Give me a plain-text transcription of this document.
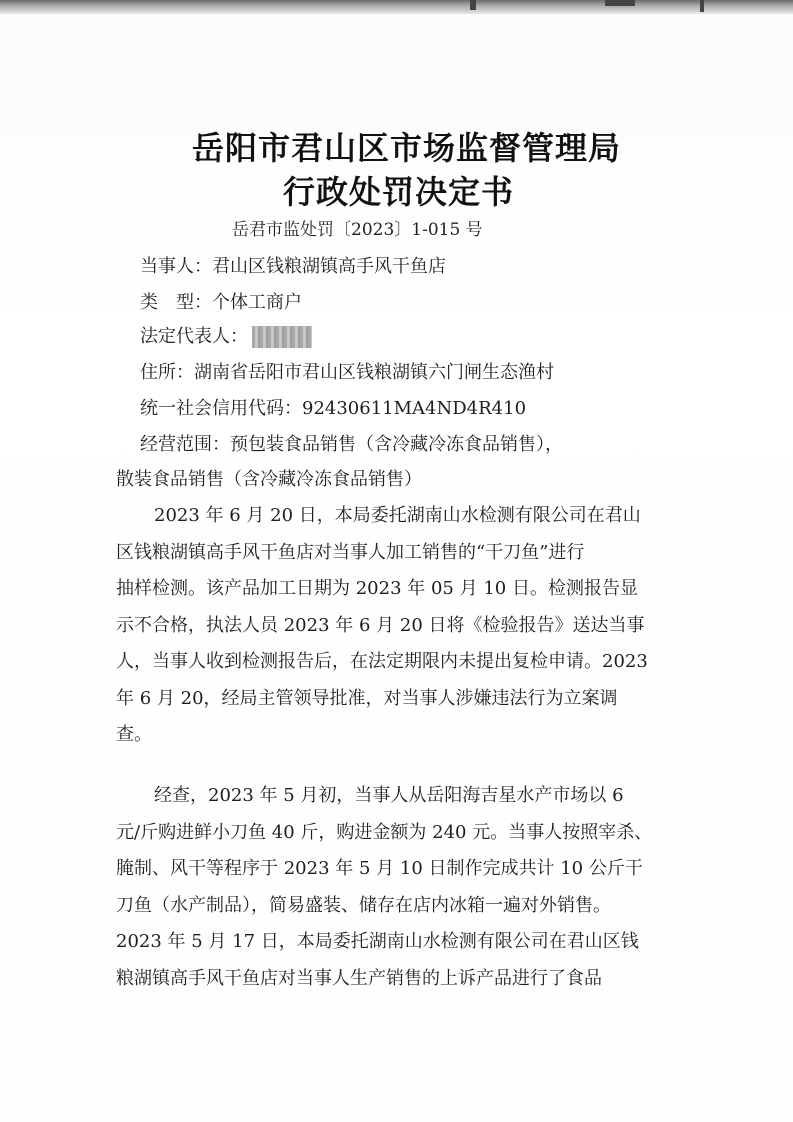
岳阳市君山区市场监督管理局
行政处罚决定书
岳君市监处罚〔2023〕1-015 号
当事人：君山区钱粮湖镇高手风干鱼店
类　型：个体工商户
法定代表人：
住所：湖南省岳阳市君山区钱粮湖镇六门闸生态渔村
统一社会信用代码：92430611MA4ND4R410
经营范围：预包装食品销售（含冷藏冷冻食品销售），
散装食品销售（含冷藏冷冻食品销售）
2023 年 6 月 20 日，本局委托湖南山水检测有限公司在君山
区钱粮湖镇高手风干鱼店对当事人加工销售的“干刀鱼”进行
抽样检测。该产品加工日期为 2023 年 05 月 10 日。检测报告显
示不合格，执法人员 2023 年 6 月 20 日将《检验报告》送达当事
人，当事人收到检测报告后，在法定期限内未提出复检申请。2023
年 6 月 20，经局主管领导批准，对当事人涉嫌违法行为立案调
查。
经查，2023 年 5 月初，当事人从岳阳海吉星水产市场以 6
元/斤购进鲜小刀鱼 40 斤，购进金额为 240 元。当事人按照宰杀、
腌制、风干等程序于 2023 年 5 月 10 日制作完成共计 10 公斤干
刀鱼（水产制品），简易盛装、储存在店内冰箱一遍对外销售。
2023 年 5 月 17 日，本局委托湖南山水检测有限公司在君山区钱
粮湖镇高手风干鱼店对当事人生产销售的上诉产品进行了食品
